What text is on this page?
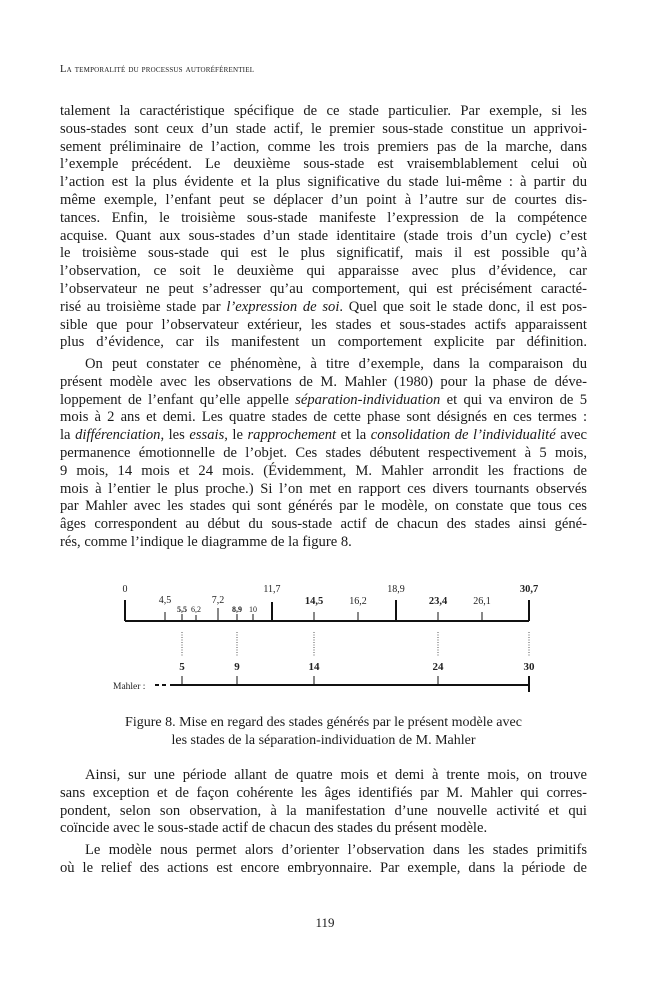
La temporalité du processus autoréférentiel
talement la caractéristique spécifique de ce stade particulier. Par exemple, si les
sous-stades sont ceux d’un stade actif, le premier sous-stade constitue un apprivoi-
sement préliminaire de l’action, comme les trois premiers pas de la marche, dans
l’exemple précédent. Le deuxième sous-stade est vraisemblablement celui où
l’action est la plus évidente et la plus significative du stade lui-même : à partir du
même exemple, l’enfant peut se déplacer d’un point à l’autre sur de courtes dis-
tances. Enfin, le troisième sous-stade manifeste l’expression de la compétence
acquise. Quant aux sous-stades d’un stade identitaire (stade trois d’un cycle) c’est
le troisième sous-stade qui est le plus significatif, mais il est possible qu’à
l’observation, ce soit le deuxième qui apparaisse avec plus d’évidence, car
l’observateur ne peut s’adresser qu’au comportement, qui est précisément caracté-
risé au troisième stade par l’expression de soi. Quel que soit le stade donc, il est pos-
sible que pour l’observateur extérieur, les stades et sous-stades actifs apparaissent
plus d’évidence, car ils manifestent un comportement explicite par définition.
On peut constater ce phénomène, à titre d’exemple, dans la comparaison du
présent modèle avec les observations de M. Mahler (1980) pour la phase de déve-
loppement de l’enfant qu’elle appelle séparation-individuation et qui va environ de 5
mois à 2 ans et demi. Les quatre stades de cette phase sont désignés en ces termes :
la différenciation, les essais, le rapprochement et la consolidation de l’individualité avec
permanence émotionnelle de l’objet. Ces stades débutent respectivement à 5 mois,
9 mois, 14 mois et 24 mois. (Évidemment, M. Mahler arrondit les fractions de
mois à l’entier le plus proche.) Si l’on met en rapport ces divers tournants observés
par Mahler avec les stades qui sont générés par le modèle, on constate que tous ces
âges correspondent au début du sous-stade actif de chacun des stades ainsi géné-
rés, comme l’indique le diagramme de la figure 8.
Ainsi, sur une période allant de quatre mois et demi à trente mois, on trouve
sans exception et de façon cohérente les âges identifiés par M. Mahler qui corres-
pondent, selon son observation, à la manifestation d’une nouvelle activité et qui
coïncide avec le sous-stade actif de chacun des stades du présent modèle.
Le modèle nous permet alors d’orienter l’observation dans les stades primitifs
où le relief des actions est encore embryonnaire. Par exemple, dans la période de
0
4,5
5,5 6,2
7,2
8,9 10
11,7
14,5	16,2
18,9
23,4	26,1
30,7
5	9	14	24	30
Mahler :
Figure 8. Mise en regard des stades générés par le présent modèle avec
les stades de la séparation-individuation de M. Mahler
119
